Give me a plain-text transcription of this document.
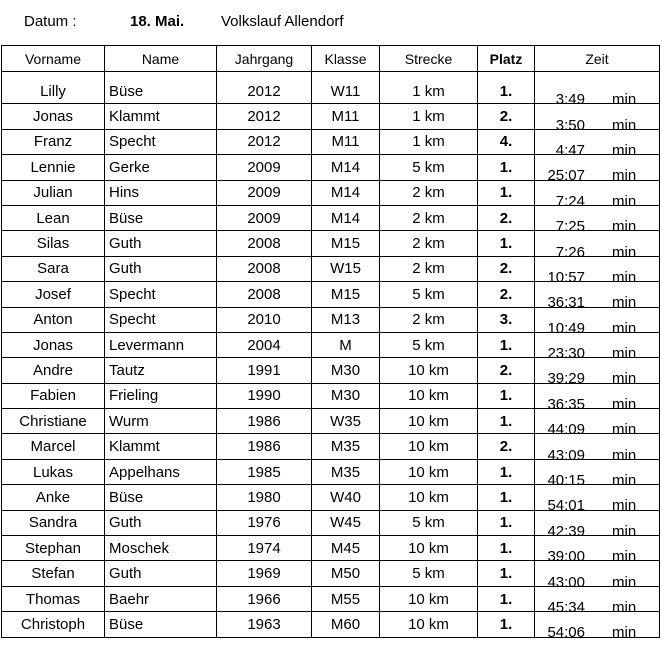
Datum :	18. Mai. Volkslauf Allendorf
Vorname	Name	Jahrgang	Klasse	Strecke	Platz	Zeit

Lilly	Büse	2012	W11	1 km	1.	3:49 min

Jonas	Klammt	2012	M11	1 km	2.	3:50 min

Franz	Specht	2012	M11	1 km	4.	4:47 min

Lennie	Gerke	2009	M14	5 km	1.	25:07 min

Julian	Hins	2009	M14	2 km	1.	7:24 min

Lean	Büse	2009	M14	2 km	2.	7:25 min

Silas	Guth	2008	M15	2 km	1.	7:26 min

Sara	Guth	2008	W15	2 km	2.	10:57 min

Josef	Specht	2008	M15	5 km	2.	36:31 min

Anton	Specht	2010	M13	2 km	3.	10:49 min

Jonas	Levermann	2004	M	5 km	1.	23:30 min

Andre	Tautz	1991	M30	10 km	2.	39:29 min

Fabien	Frieling	1990	M30	10 km	1.	36:35 min

Christiane	Wurm	1986	W35	10 km	1.	44:09 min

Marcel	Klammt	1986	M35	10 km	2.	43:09 min

Lukas	Appelhans	1985	M35	10 km	1.	40:15 min

Anke	Büse	1980	W40	10 km	1.	54:01 min

Sandra	Guth	1976	W45	5 km	1.	42:39 min

Stephan	Moschek	1974	M45	10 km	1.	39:00 min

Stefan	Guth	1969	M50	5 km	1.	43:00 min

Thomas	Baehr	1966	M55	10 km	1.	45:34 min

Christoph	Büse	1963	M60	10 km	1.	54:06 min
